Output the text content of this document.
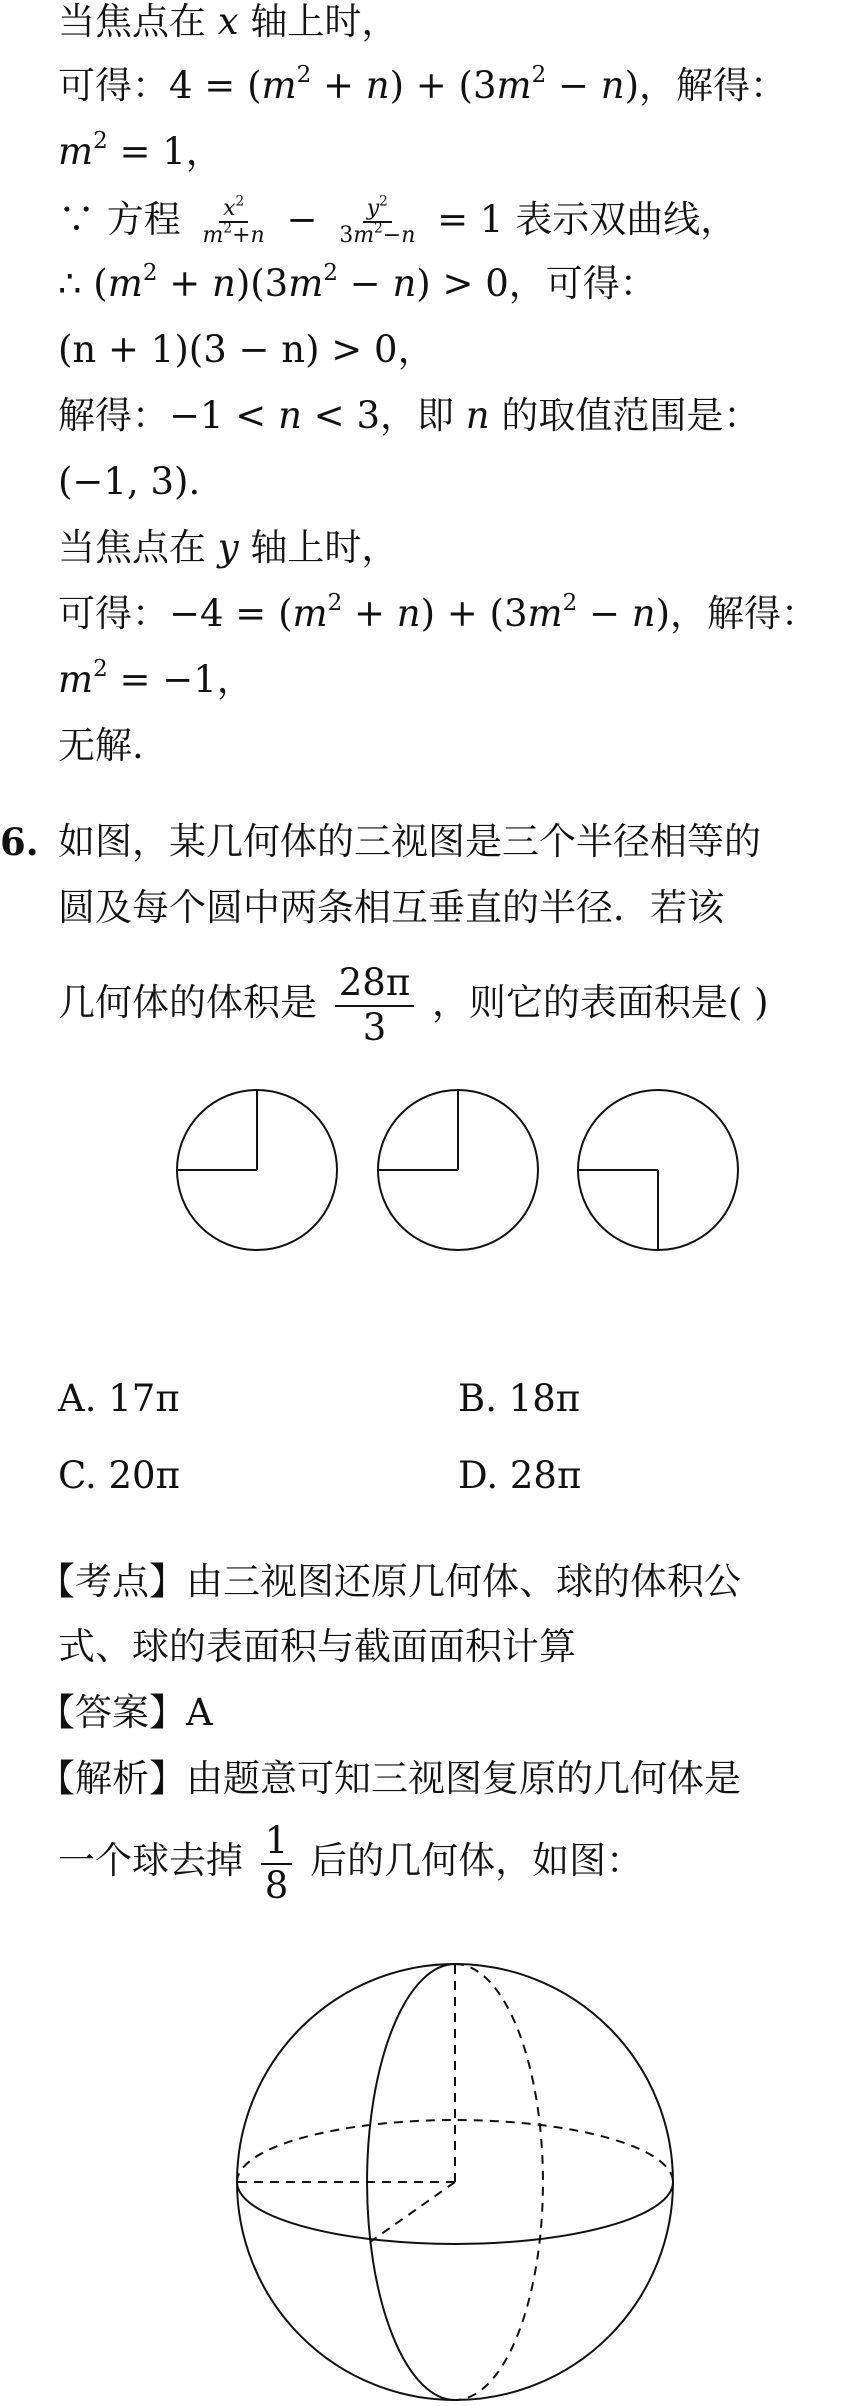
当焦点在 x 轴上时，
可得：$4 = (m^2 + n) + (3m^2 - n)$，解得：
$m^2 = 1$，
∵ 方程 $\frac{x^2}{m^2+n} - \frac{y^2}{3m^2-n} = 1$ 表示双曲线，
∴ $(m^2 + n)(3m^2 - n) > 0$，可得：
(n + 1)(3 − n) > 0，
解得：−1 < n < 3，即 n 的取值范围是：
(−1, 3).
当焦点在 y 轴上时，
可得：$-4 = (m^2 + n) + (3m^2 - n)$，解得：
$m^2 = -1$，
无解.
6. 如图，某几何体的三视图是三个半径相等的
圆及每个圆中两条相互垂直的半径．若该
几何体的体积是 $\frac{28\pi}{3}$ ，则它的表面积是( )
A. 17π	B. 18π
C. 20π	D. 28π
【考点】由三视图还原几何体、球的体积公
式、球的表面积与截面面积计算
【答案】A
【解析】由题意可知三视图复原的几何体是
一个球去掉 $\frac{1}{8}$ 后的几何体，如图：
